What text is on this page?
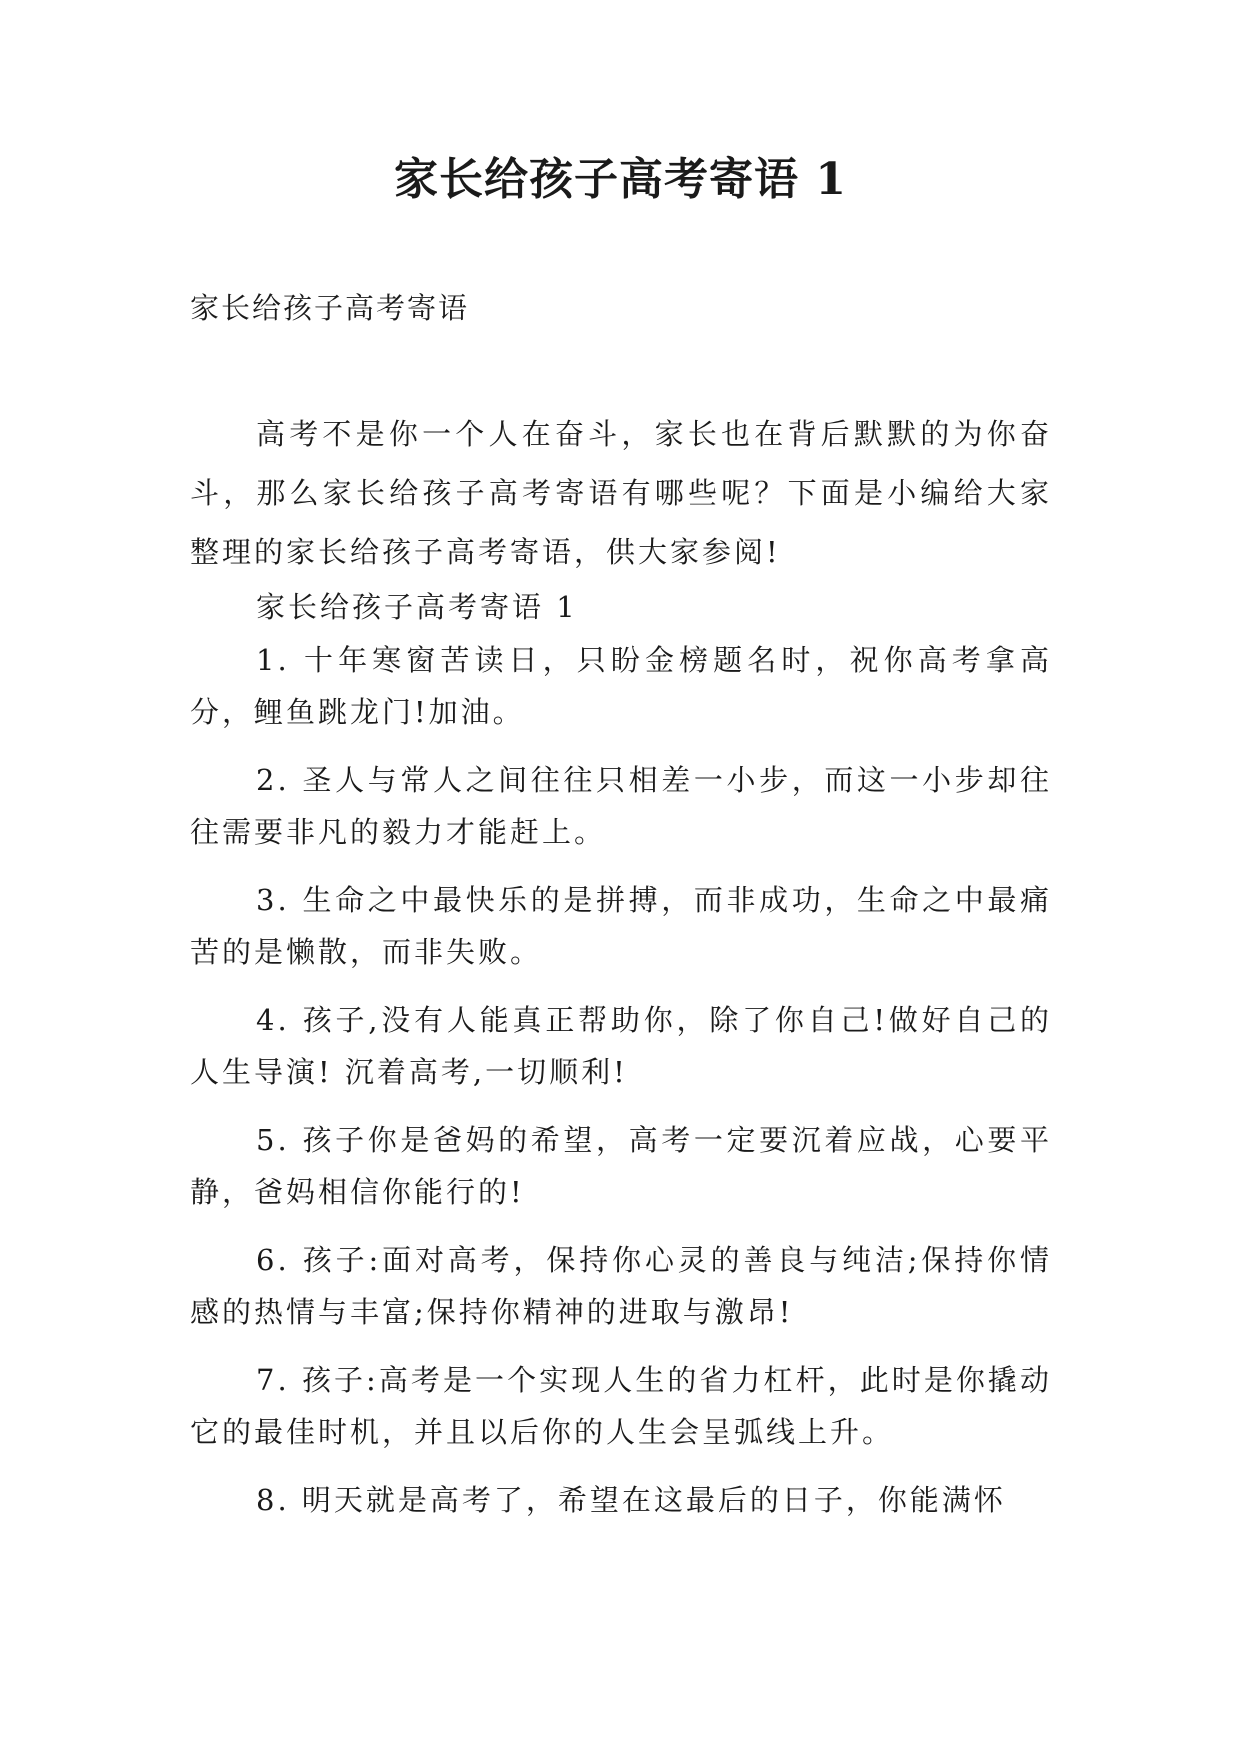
家长给孩子高考寄语 1
家长给孩子高考寄语

高考不是你一个人在奋斗，家长也在背后默默的为你奋斗，那么家长给孩子高考寄语有哪些呢？下面是小编给大家整理的家长给孩子高考寄语，供大家参阅!

家长给孩子高考寄语 1

1. 十年寒窗苦读日，只盼金榜题名时，祝你高考拿高分，鲤鱼跳龙门!加油。

2. 圣人与常人之间往往只相差一小步，而这一小步却往往需要非凡的毅力才能赶上。

3. 生命之中最快乐的是拼搏，而非成功，生命之中最痛苦的是懒散，而非失败。

4. 孩子,没有人能真正帮助你，除了你自己!做好自己的人生导演! 沉着高考,一切顺利!

5. 孩子你是爸妈的希望，高考一定要沉着应战，心要平静，爸妈相信你能行的!

6. 孩子:面对高考，保持你心灵的善良与纯洁;保持你情感的热情与丰富;保持你精神的进取与激昂!

7. 孩子:高考是一个实现人生的省力杠杆，此时是你撬动它的最佳时机，并且以后你的人生会呈弧线上升。

8. 明天就是高考了，希望在这最后的日子，你能满怀
